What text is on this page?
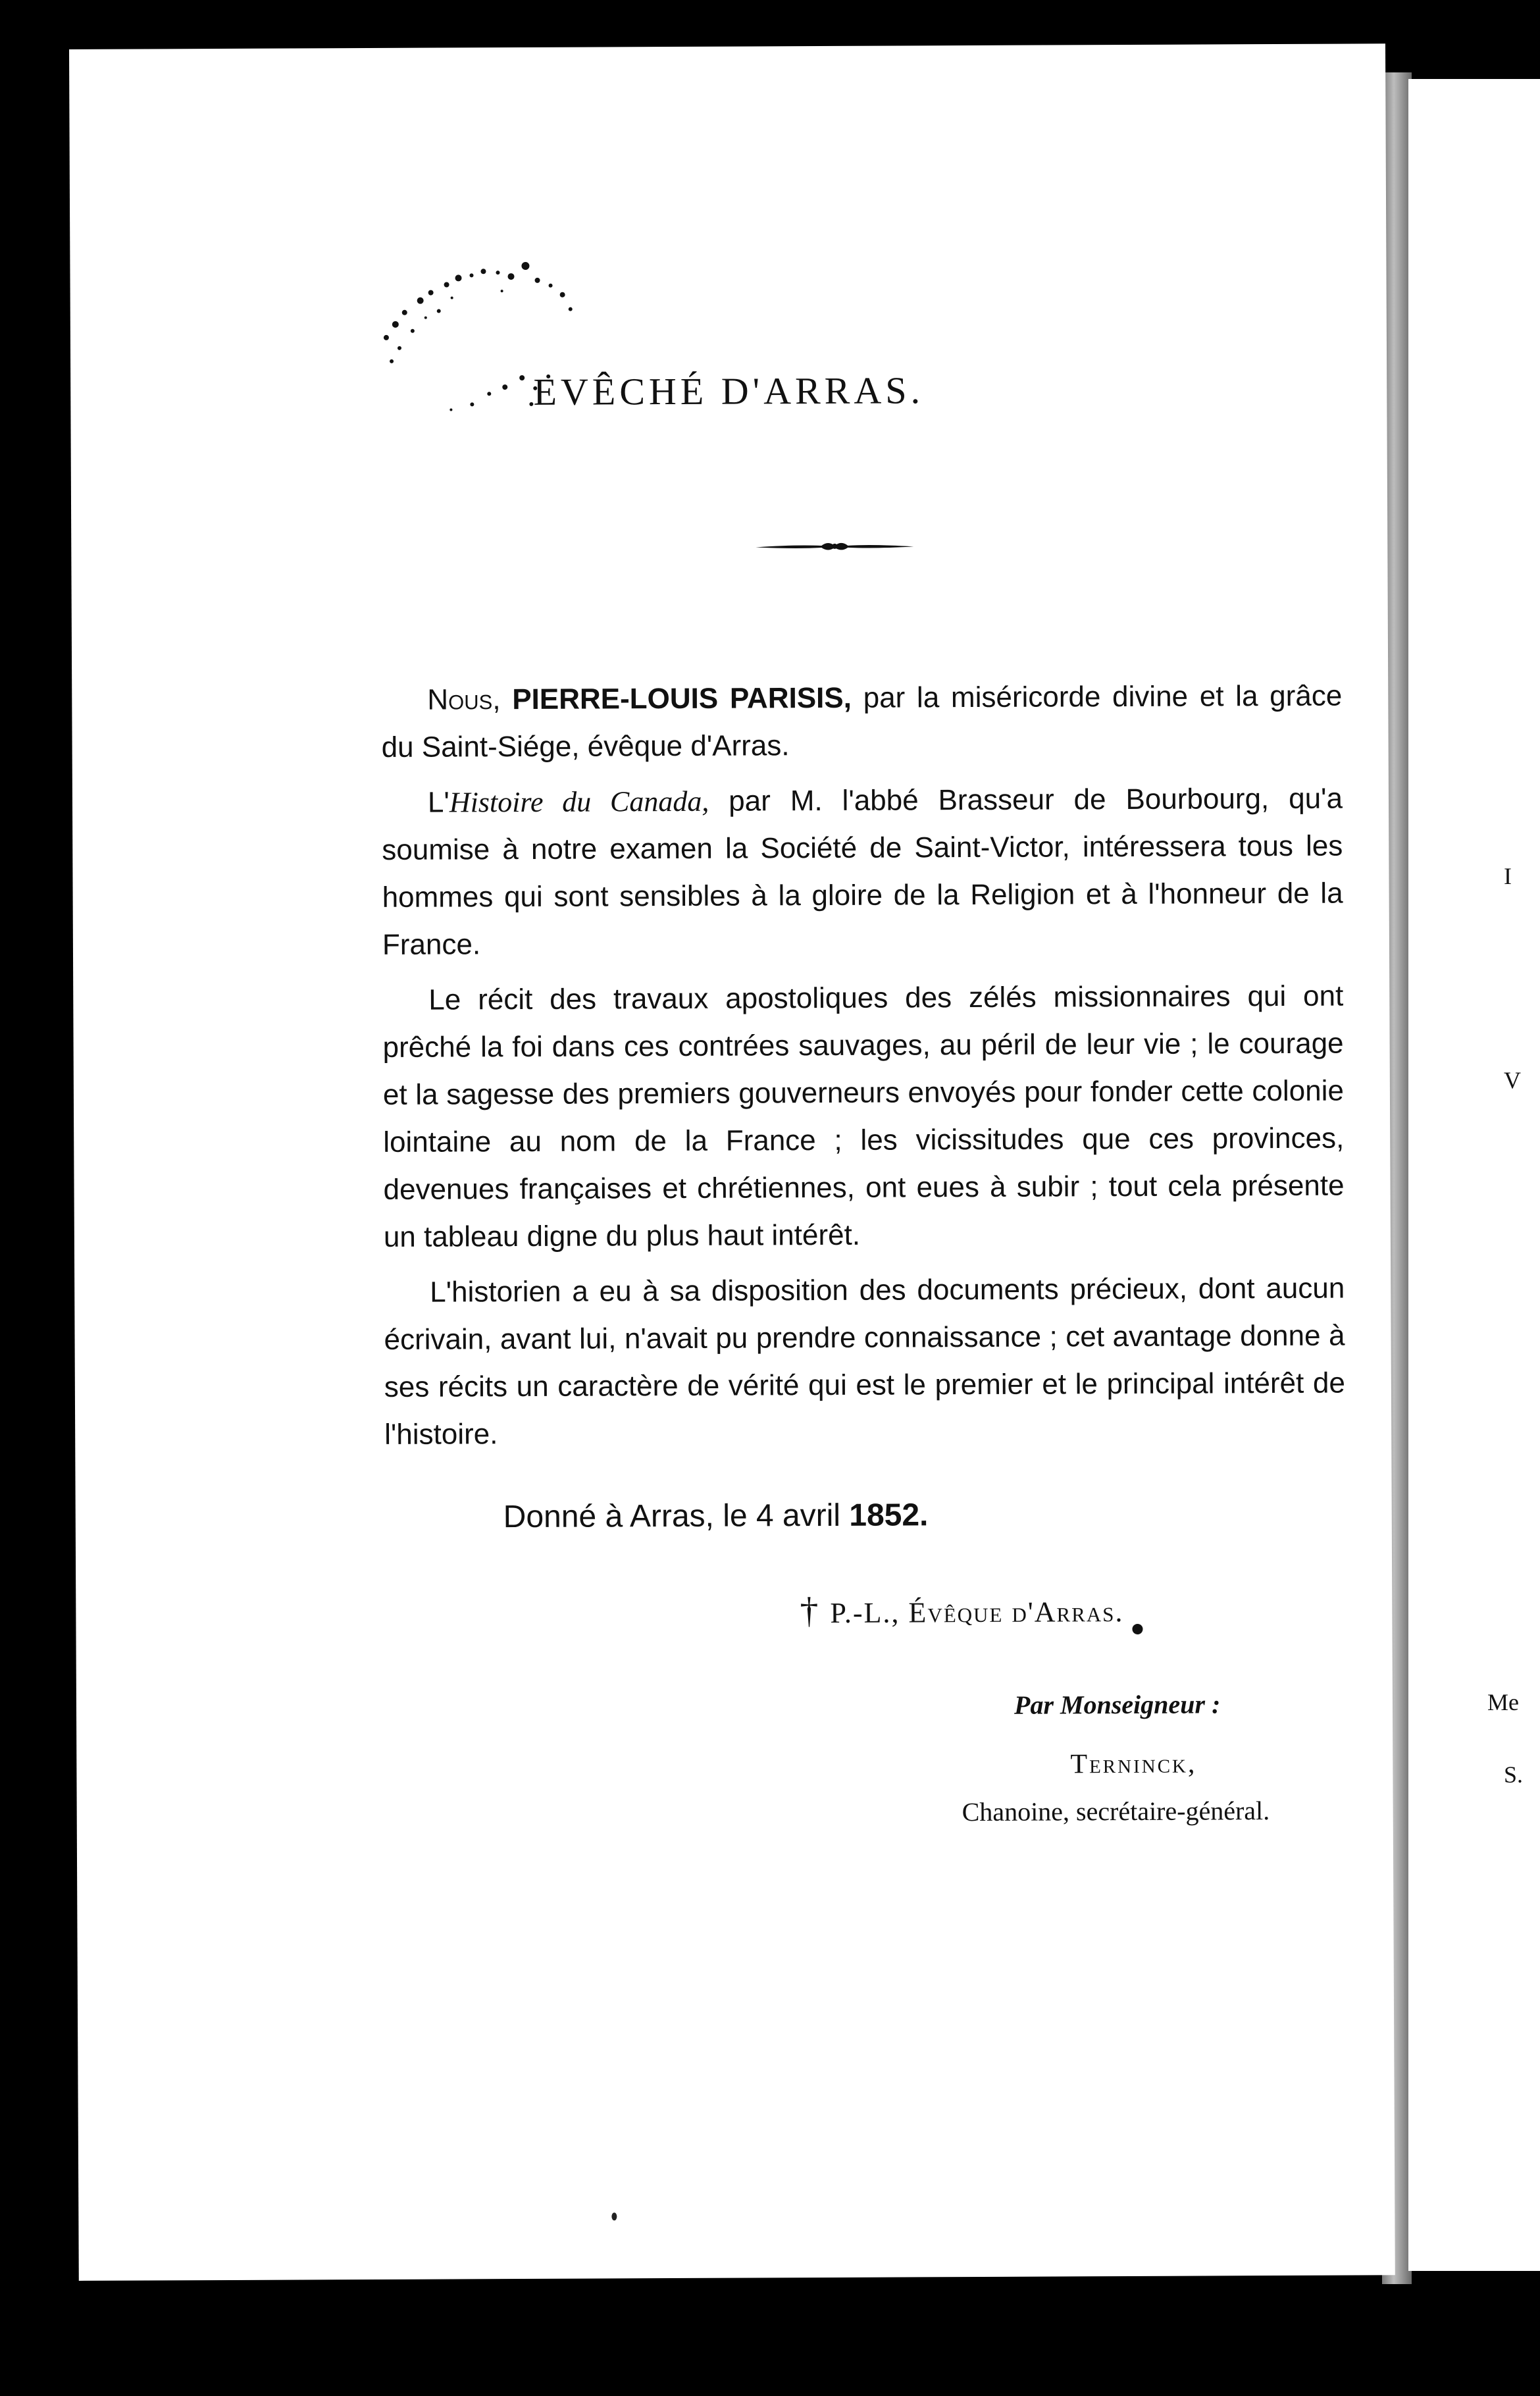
I
V
Me
S.
EVÊCHÉ D'ARRAS.

Nous, PIERRE-LOUIS PARISIS, par la miséricorde divine et la grâce du Saint-Siége, évêque d'Arras.

L'Histoire du Canada, par M. l'abbé Brasseur de Bourbourg, qu'a soumise à notre examen la Société de Saint-Victor, intéressera tous les hommes qui sont sensibles à la gloire de la Religion et à l'honneur de la France.

Le récit des travaux apostoliques des zélés missionnaires qui ont prêché la foi dans ces contrées sauvages, au péril de leur vie ; le courage et la sagesse des premiers gouverneurs envoyés pour fonder cette colonie lointaine au nom de la France ; les vicissitudes que ces provinces, devenues françaises et chrétiennes, ont eues à subir ; tout cela présente un tableau digne du plus haut intérêt.

L'historien a eu à sa disposition des documents précieux, dont aucun écrivain, avant lui, n'avait pu prendre connaissance ; cet avantage donne à ses récits un caractère de vérité qui est le premier et le principal intérêt de l'histoire.

Donné à Arras, le 4 avril 1852.
† P.-L., Évêque d'Arras.
Par Monseigneur :
Terninck,
Chanoine, secrétaire-général.
